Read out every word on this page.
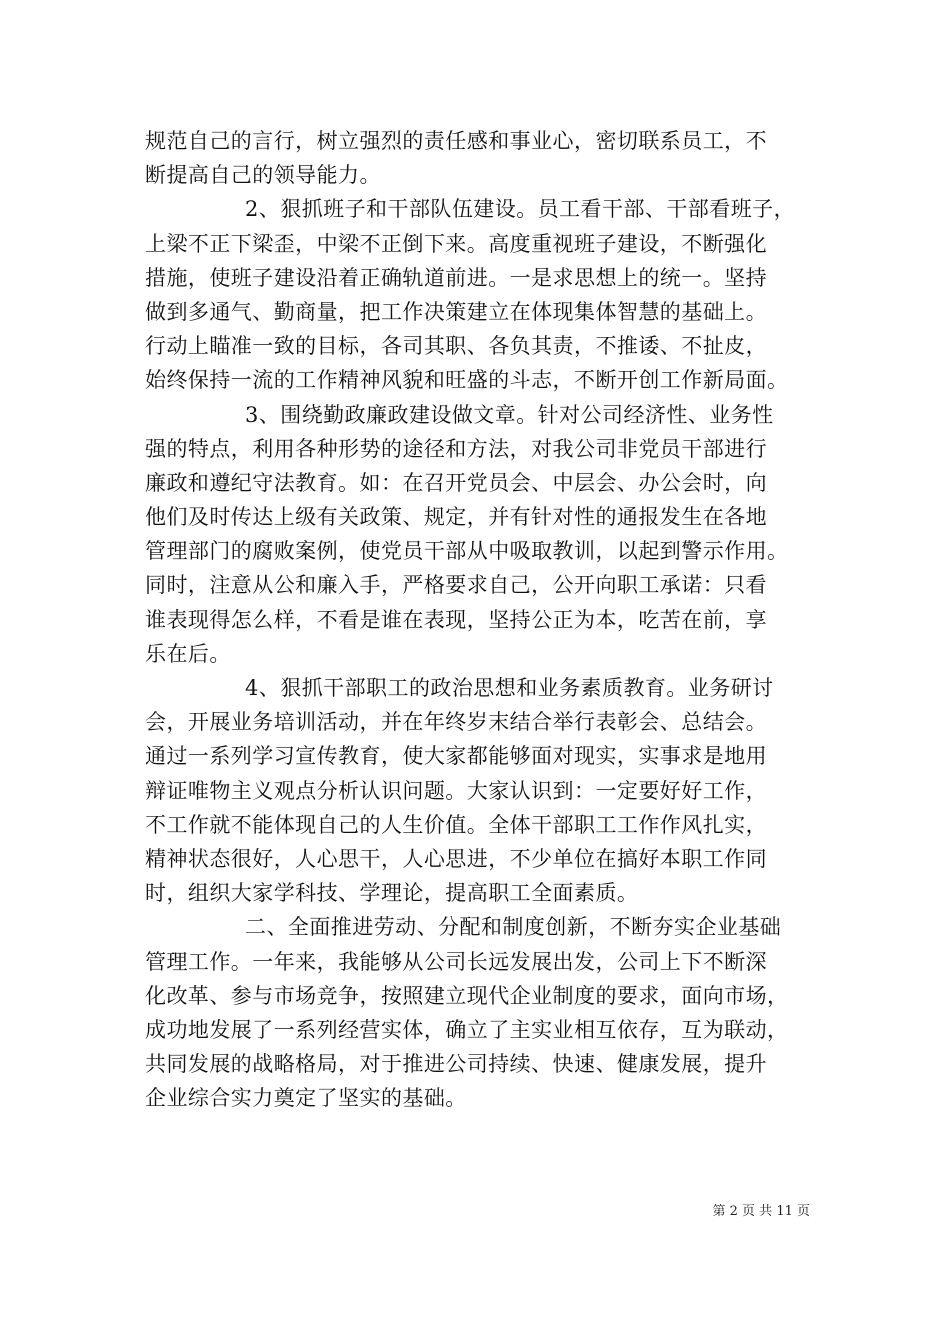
规范自己的言行，树立强烈的责任感和事业心，密切联系员工，不
断提高自己的领导能力。
2、狠抓班子和干部队伍建设。员工看干部、干部看班子，
上梁不正下梁歪，中梁不正倒下来。高度重视班子建设，不断强化
措施，使班子建设沿着正确轨道前进。一是求思想上的统一。坚持
做到多通气、勤商量，把工作决策建立在体现集体智慧的基础上。
行动上瞄准一致的目标，各司其职、各负其责，不推诿、不扯皮，
始终保持一流的工作精神风貌和旺盛的斗志，不断开创工作新局面。
3、围绕勤政廉政建设做文章。针对公司经济性、业务性
强的特点，利用各种形势的途径和方法，对我公司非党员干部进行
廉政和遵纪守法教育。如：在召开党员会、中层会、办公会时，向
他们及时传达上级有关政策、规定，并有针对性的通报发生在各地
管理部门的腐败案例，使党员干部从中吸取教训，以起到警示作用。
同时，注意从公和廉入手，严格要求自己，公开向职工承诺：只看
谁表现得怎么样，不看是谁在表现，坚持公正为本，吃苦在前，享
乐在后。
4、狠抓干部职工的政治思想和业务素质教育。业务研讨
会，开展业务培训活动，并在年终岁末结合举行表彰会、总结会。
通过一系列学习宣传教育，使大家都能够面对现实，实事求是地用
辩证唯物主义观点分析认识问题。大家认识到：一定要好好工作，
不工作就不能体现自己的人生价值。全体干部职工工作作风扎实，
精神状态很好，人心思干，人心思进，不少单位在搞好本职工作同
时，组织大家学科技、学理论，提高职工全面素质。
二、全面推进劳动、分配和制度创新，不断夯实企业基础
管理工作。一年来，我能够从公司长远发展出发，公司上下不断深
化改革、参与市场竞争，按照建立现代企业制度的要求，面向市场，
成功地发展了一系列经营实体，确立了主实业相互依存，互为联动，
共同发展的战略格局，对于推进公司持续、快速、健康发展，提升
企业综合实力奠定了坚实的基础。
第 2 页 共 11 页
